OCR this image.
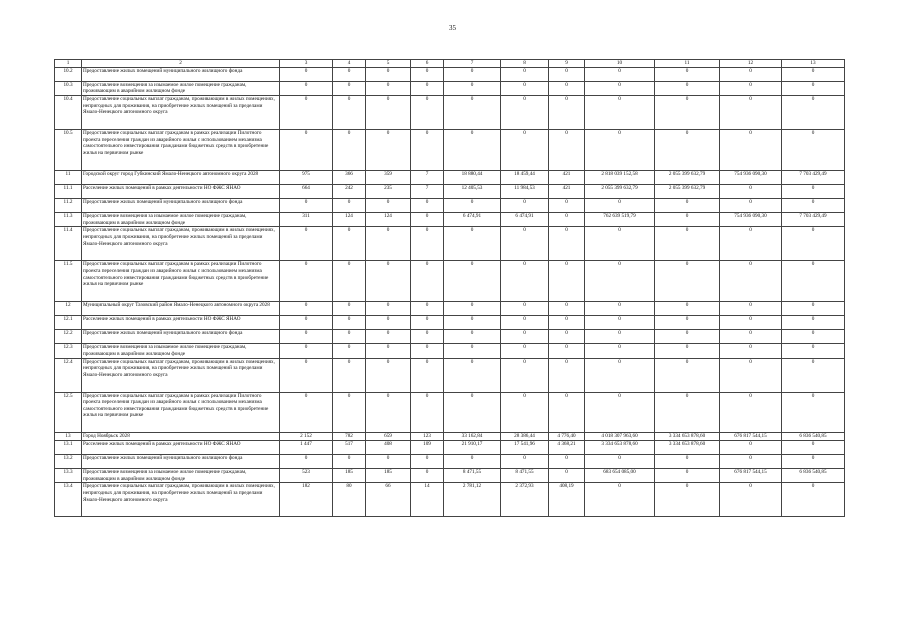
35
1	2	3	4	5	6	7	8	9	10	11	12	13
10.2	Предоставление жилых помещений муниципального жилищного фонда	0	0	0	0	0	0	0	0	0	0	0
10.3	Предоставление возмещения за изымаемое жилое помещение гражданам, проживающим в аварийном жилищном фонде	0	0	0	0	0	0	0	0	0	0	0
10.4	Предоставление социальных выплат гражданам, проживающим в жилых помещениях, непригодных для проживания, на приобретение жилых помещений за пределами Ямало-Ненецкого автономного округа	0	0	0	0	0	0	0	0	0	0	0
10.5	Предоставление социальных выплат гражданам в рамках реализации Пилотного проекта переселения граждан из аварийного жилья с использованием механизма самостоятельного инвестирования гражданами бюджетных средств в приобретение жилья на первичном рынке	0	0	0	0	0	0	0	0	0	0	0
11	Городской округ город Губкинский Ямало-Ненецкого автономного округа 2028	975	366	359	7	18 880,44	18 459,44	421	2 818 039 152,58	2 055 399 632,79	754 936 090,30	7 703 429,49
11.1	Расселение жилых помещений в рамках деятельности НО ФЖС ЯНАО	664	242	235	7	12 405,53	11 984,53	421	2 055 399 632,79	2 055 399 632,79	0	0
11.2	Предоставление жилых помещений муниципального жилищного фонда	0	0	0	0	0	0	0	0	0	0	0
11.3	Предоставление возмещения за изымаемое жилое помещение гражданам, проживающим в аварийном жилищном фонде	311	124	124	0	6 474,91	6 474,91	0	762 639 519,79	0	754 936 090,30	7 703 429,49
11.4	Предоставление социальных выплат гражданам, проживающим в жилых помещениях, непригодных для проживания, на приобретение жилых помещений за пределами Ямало-Ненецкого автономного округа	0	0	0	0	0	0	0	0	0	0	0
11.5	Предоставление социальных выплат гражданам в рамках реализации Пилотного проекта переселения граждан из аварийного жилья с использованием механизма самостоятельного инвестирования гражданами бюджетных средств в приобретение жилья на первичном рынке	0	0	0	0	0	0	0	0	0	0	0
12	Муниципальный округ Тазовский район Ямало-Ненецкого автономного округа 2028	0	0	0	0	0	0	0	0	0	0	0
12.1	Расселение жилых помещений в рамках деятельности НО ФЖС ЯНАО	0	0	0	0	0	0	0	0	0	0	0
12.2	Предоставление жилых помещений муниципального жилищного фонда	0	0	0	0	0	0	0	0	0	0	0
12.3	Предоставление возмещения за изымаемое жилое помещение гражданам, проживающим в аварийном жилищном фонде	0	0	0	0	0	0	0	0	0	0	0
12.4	Предоставление социальных выплат гражданам, проживающим в жилых помещениях, непригодных для проживания, на приобретение жилых помещений за пределами Ямало-Ненецкого автономного округа	0	0	0	0	0	0	0	0	0	0	0
12.5	Предоставление социальных выплат гражданам в рамках реализации Пилотного проекта переселения граждан из аварийного жилья с использованием механизма самостоятельного инвестирования гражданами бюджетных средств в приобретение жилья на первичном рынке	0	0	0	0	0	0	0	0	0	0	0
13	Город Ноябрьск 2028	2 152	782	659	123	33 162,84	28 386,44	4 776,40	4 018 307 963,60	3 334 653 878,60	676 817 544,15	6 836 540,85
13.1	Расселение жилых помещений в рамках деятельности НО ФЖС ЯНАО	1 447	517	408	109	21 910,17	17 541,96	4 368,21	3 334 653 878,60	3 334 653 878,60	0	0
13.2	Предоставление жилых помещений муниципального жилищного фонда	0	0	0	0	0	0	0	0	0	0	0
13.3	Предоставление возмещения за изымаемое жилое помещение гражданам, проживающим в аварийном жилищном фонде	523	185	185	0	8 471,55	8 471,55	0	683 654 085,00	0	676 817 544,15	6 836 540,85
13.4	Предоставление социальных выплат гражданам, проживающим в жилых помещениях, непригодных для проживания, на приобретение жилых помещений за пределами Ямало-Ненецкого автономного округа	182	80	66	14	2 781,12	2 372,93	408,19	0	0	0	0
